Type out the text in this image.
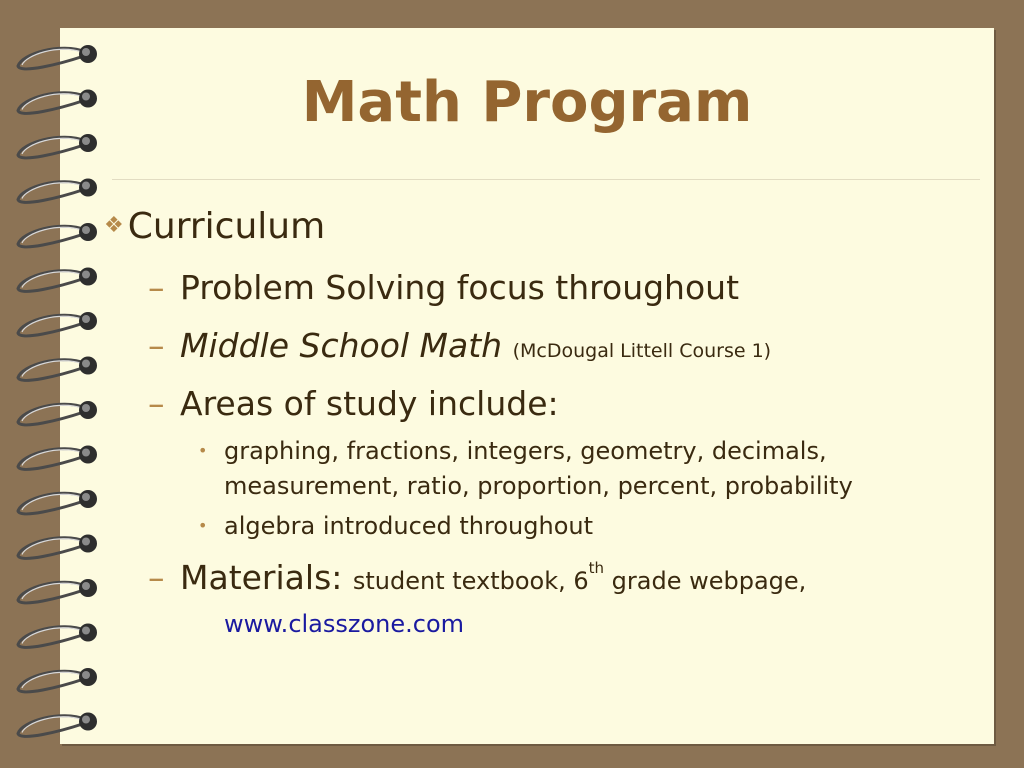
Math Program
❖ Curriculum
– Problem Solving focus throughout
– Middle School Math (McDougal Littell Course 1)
– Areas of study include:
• graphing, fractions, integers, geometry, decimals, measurement, ratio, proportion, percent, probability
• algebra introduced throughout
– Materials: student textbook, 6th grade webpage,
www.classzone.com
